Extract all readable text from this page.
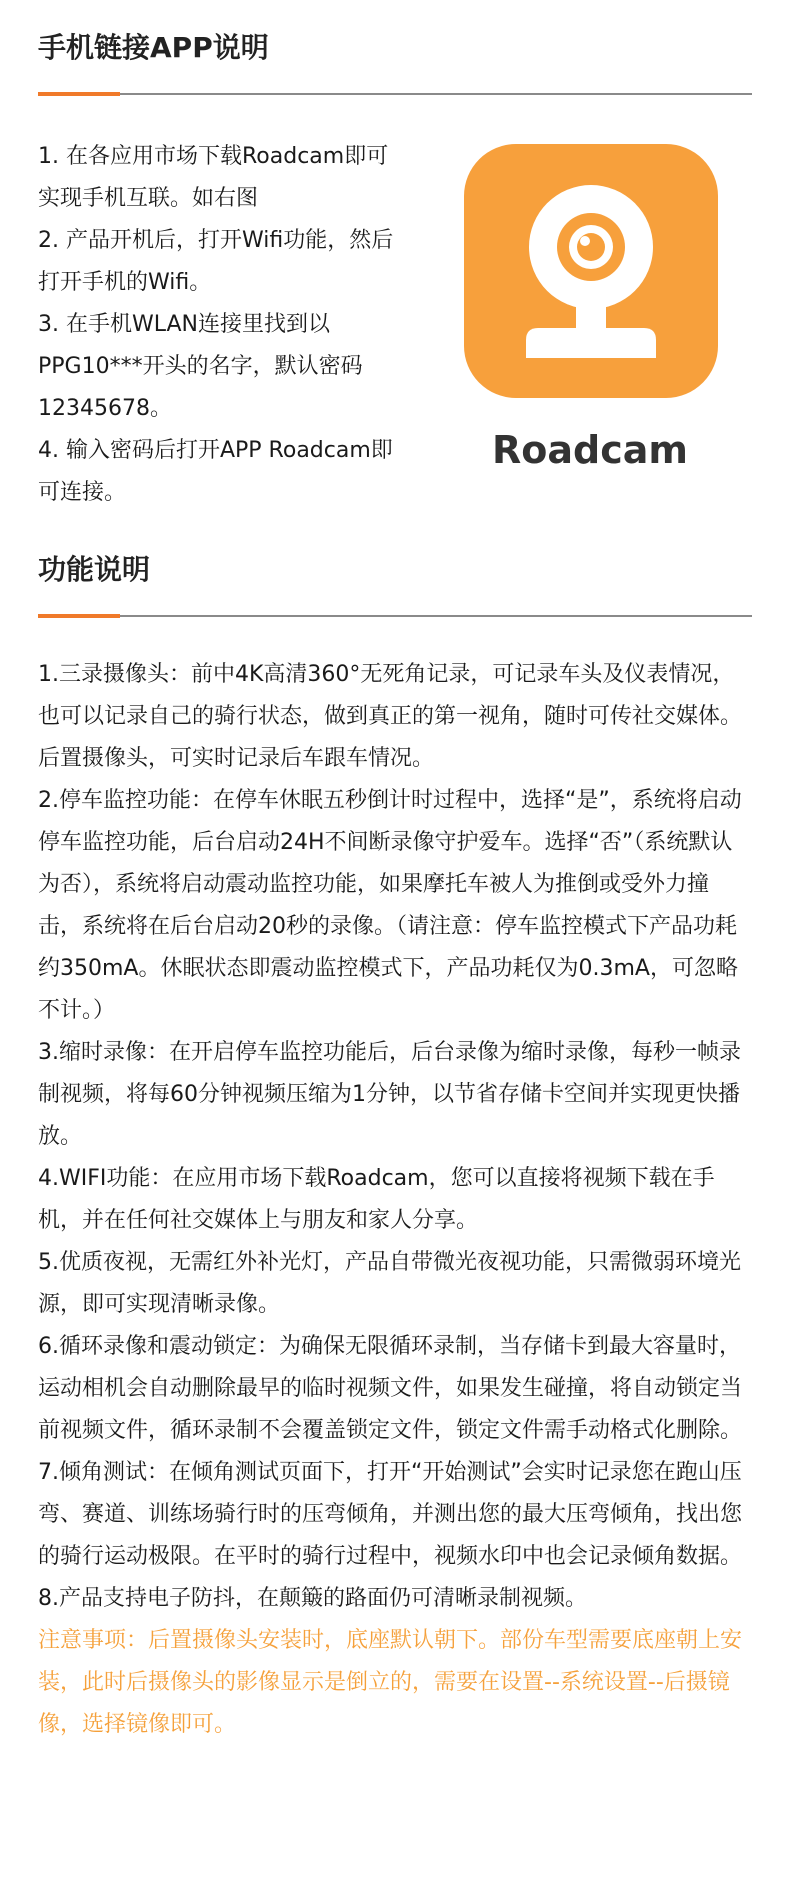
手机链接APP说明
1. 在各应用市场下载Roadcam即可实现手机互联。如右图
2. 产品开机后，打开Wifi功能，然后打开手机的Wifi。
3. 在手机WLAN连接里找到以PPG10***开头的名字，默认密码12345678。
4. 输入密码后打开APP Roadcam即可连接。
Roadcam
功能说明
1.三录摄像头：前中4K高清360°无死角记录，可记录车头及仪表情况，也可以记录自己的骑行状态，做到真正的第一视角，随时可传社交媒体。后置摄像头，可实时记录后车跟车情况。
2.停车监控功能：在停车休眠五秒倒计时过程中，选择“是”，系统将启动停车监控功能，后台启动24H不间断录像守护爱车。选择“否”（系统默认为否），系统将启动震动监控功能，如果摩托车被人为推倒或受外力撞击，系统将在后台启动20秒的录像。（请注意：停车监控模式下产品功耗约350mA。休眠状态即震动监控模式下，产品功耗仅为0.3mA，可忽略不计。）
3.缩时录像：在开启停车监控功能后，后台录像为缩时录像，每秒一帧录制视频，将每60分钟视频压缩为1分钟，以节省存储卡空间并实现更快播放。
4.WIFI功能：在应用市场下载Roadcam，您可以直接将视频下载在手机，并在任何社交媒体上与朋友和家人分享。
5.优质夜视，无需红外补光灯，产品自带微光夜视功能，只需微弱环境光源，即可实现清晰录像。
6.循环录像和震动锁定：为确保无限循环录制，当存储卡到最大容量时，运动相机会自动删除最早的临时视频文件，如果发生碰撞，将自动锁定当前视频文件，循环录制不会覆盖锁定文件，锁定文件需手动格式化删除。
7.倾角测试：在倾角测试页面下，打开“开始测试”会实时记录您在跑山压弯、赛道、训练场骑行时的压弯倾角，并测出您的最大压弯倾角，找出您的骑行运动极限。在平时的骑行过程中，视频水印中也会记录倾角数据。
8.产品支持电子防抖，在颠簸的路面仍可清晰录制视频。
注意事项：后置摄像头安装时，底座默认朝下。部份车型需要底座朝上安装，此时后摄像头的影像显示是倒立的，需要在设置--系统设置--后摄镜像，选择镜像即可。
